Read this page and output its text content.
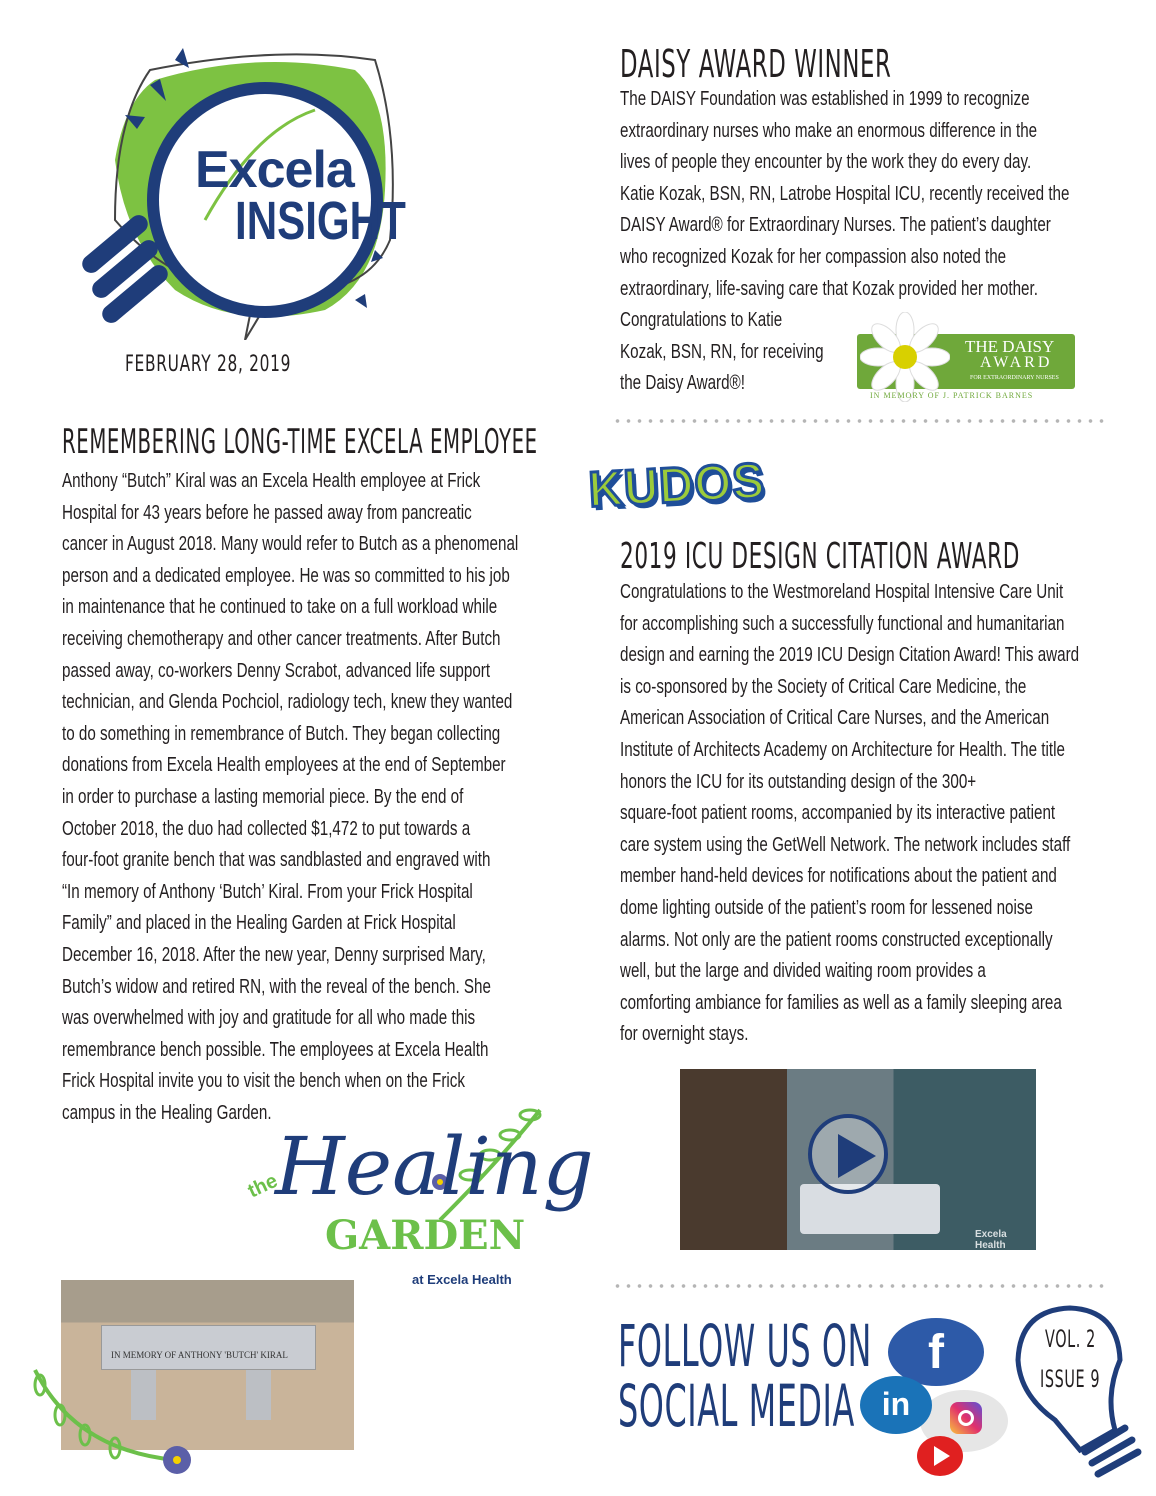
Excela
INSIGHT
FEBRUARY 28, 2019
REMEMBERING LONG-TIME EXCELA EMPLOYEE
Anthony “Butch” Kiral was an Excela Health employee at Frick
Hospital for 43 years before he passed away from pancreatic
cancer in August 2018. Many would refer to Butch as a phenomenal
person and a dedicated employee. He was so committed to his job
in maintenance that he continued to take on a full workload while
receiving chemotherapy and other cancer treatments. After Butch
passed away, co-workers Denny Scrabot, advanced life support
technician, and Glenda Pochciol, radiology tech, knew they wanted
to do something in remembrance of Butch. They began collecting
donations from Excela Health employees at the end of September
in order to purchase a lasting memorial piece. By the end of
October 2018, the duo had collected $1,472 to put towards a
four-foot granite bench that was sandblasted and engraved with
“In memory of Anthony ‘Butch’ Kiral. From your Frick Hospital
Family” and placed in the Healing Garden at Frick Hospital
December 16, 2018. After the new year, Denny surprised Mary,
Butch’s widow and retired RN, with the reveal of the bench. She
was overwhelmed with joy and gratitude for all who made this
remembrance bench possible. The employees at Excela Health
Frick Hospital invite you to visit the bench when on the Frick
campus in the Healing Garden.
the
Healing
GARDEN
at Excela Health
IN MEMORY OF ANTHONY 'BUTCH' KIRAL
DAISY AWARD WINNER
The DAISY Foundation was established in 1999 to recognize
extraordinary nurses who make an enormous difference in the
lives of people they encounter by the work they do every day.
Katie Kozak, BSN, RN, Latrobe Hospital ICU, recently received the
DAISY Award® for Extraordinary Nurses. The patient’s daughter
who recognized Kozak for her compassion also noted the
extraordinary, life-saving care that Kozak provided her mother.
Congratulations to Katie
Kozak, BSN, RN, for receiving
the Daisy Award®!
THE DAISY
AWARD
FOR EXTRAORDINARY NURSES
IN MEMORY OF J. PATRICK BARNES
KUDOS
2019 ICU DESIGN CITATION AWARD
Congratulations to the Westmoreland Hospital Intensive Care Unit
for accomplishing such a successfully functional and humanitarian
design and earning the 2019 ICU Design Citation Award! This award
is co-sponsored by the Society of Critical Care Medicine, the
American Association of Critical Care Nurses, and the American
Institute of Architects Academy on Architecture for Health. The title
honors the ICU for its outstanding design of the 300+
square-foot patient rooms, accompanied by its interactive patient
care system using the GetWell Network. The network includes staff
member hand-held devices for notifications about the patient and
dome lighting outside of the patient’s room for lessened noise
alarms. Not only are the patient rooms constructed exceptionally
well, but the large and divided waiting room provides a
comforting ambiance for families as well as a family sleeping area
for overnight stays.
Excela Health
FOLLOW US ON
SOCIAL MEDIA
f
in
VOL. 2
ISSUE 9
